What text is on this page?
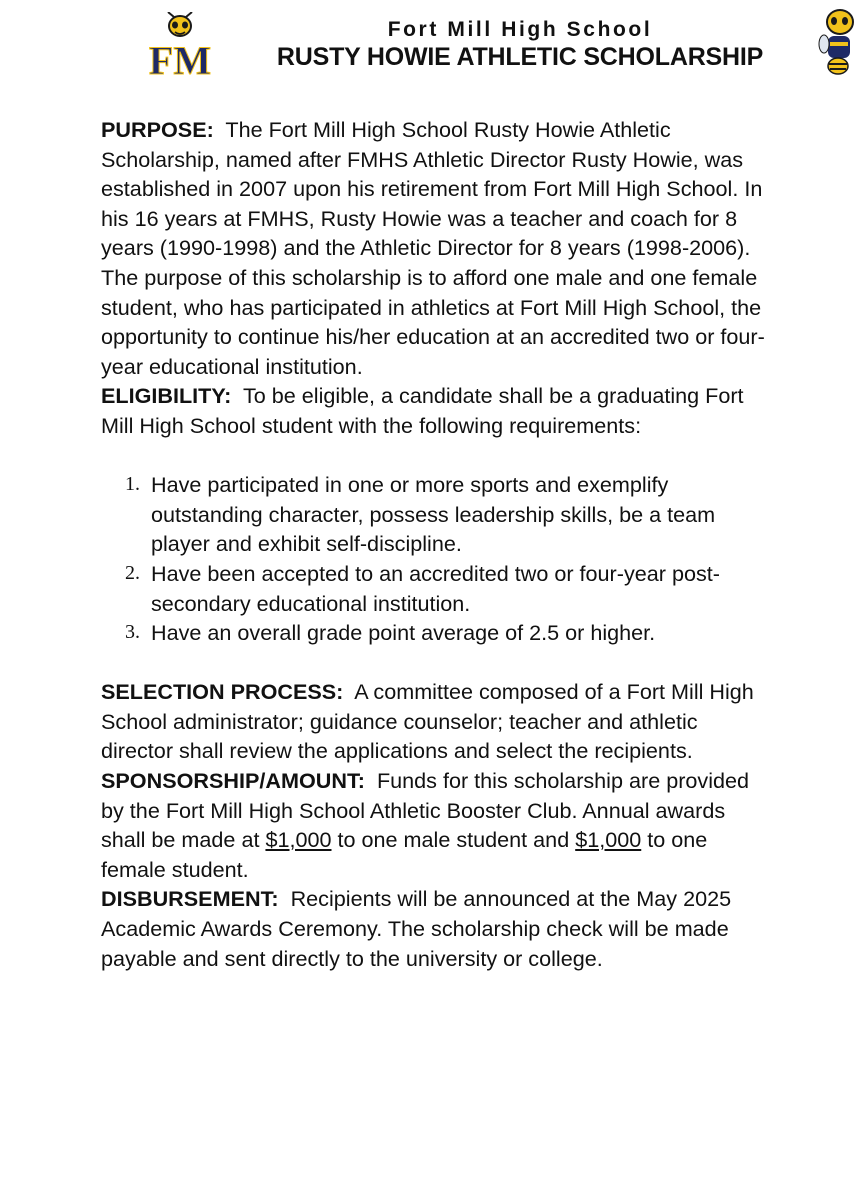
FM

Fort Mill High School

RUSTY HOWIE ATHLETIC SCHOLARSHIP

PURPOSE: The Fort Mill High School Rusty Howie Athletic Scholarship, named after FMHS Athletic Director Rusty Howie, was established in 2007 upon his retirement from Fort Mill High School. In his 16 years at FMHS, Rusty Howie was a teacher and coach for 8 years (1990-1998) and the Athletic Director for 8 years (1998-2006). The purpose of this scholarship is to afford one male and one female student, who has participated in athletics at Fort Mill High School, the opportunity to continue his/her education at an accredited two or four-year educational institution.

ELIGIBILITY: To be eligible, a candidate shall be a graduating Fort Mill High School student with the following requirements:

1. Have participated in one or more sports and exemplify outstanding character, possess leadership skills, be a team player and exhibit self-discipline.
2. Have been accepted to an accredited two or four-year post-secondary educational institution.
3. Have an overall grade point average of 2.5 or higher.

SELECTION PROCESS: A committee composed of a Fort Mill High School administrator; guidance counselor; teacher and athletic director shall review the applications and select the recipients.

SPONSORSHIP/AMOUNT: Funds for this scholarship are provided by the Fort Mill High School Athletic Booster Club. Annual awards shall be made at $1,000 to one male student and $1,000 to one female student.

DISBURSEMENT: Recipients will be announced at the May 2025 Academic Awards Ceremony. The scholarship check will be made payable and sent directly to the university or college.
